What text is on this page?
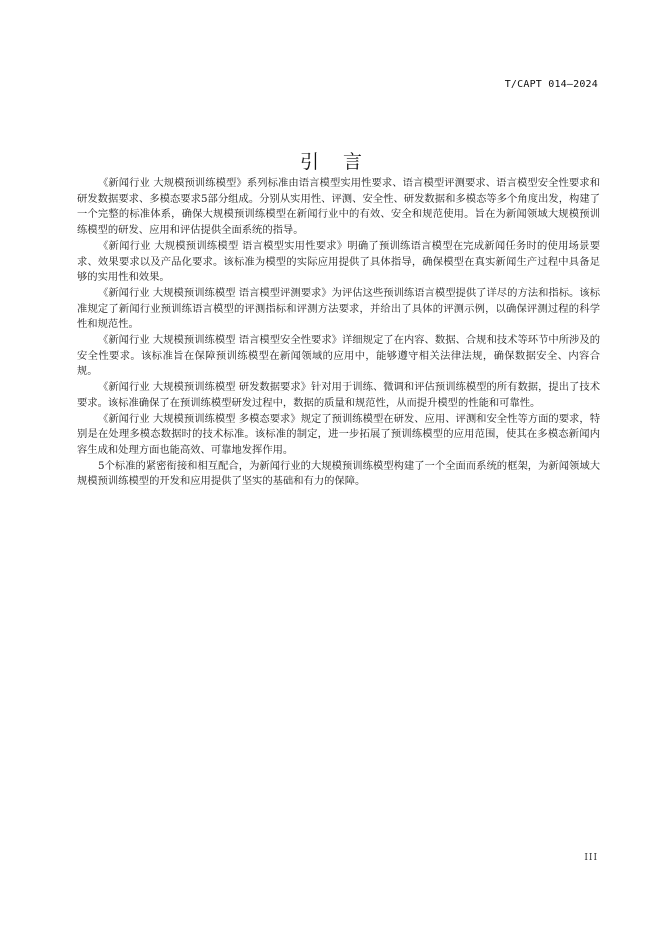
T/CAPT 014—2024
引言

《新闻行业 大规模预训练模型》系列标准由语言模型实用性要求、语言模型评测要求、语言模型安全性要求和研发数据要求、多模态要求5部分组成。分别从实用性、评测、安全性、研发数据和多模态等多个角度出发，构建了一个完整的标准体系，确保大规模预训练模型在新闻行业中的有效、安全和规范使用。旨在为新闻领域大规模预训练模型的研发、应用和评估提供全面系统的指导。

《新闻行业 大规模预训练模型 语言模型实用性要求》明确了预训练语言模型在完成新闻任务时的使用场景要求、效果要求以及产品化要求。该标准为模型的实际应用提供了具体指导，确保模型在真实新闻生产过程中具备足够的实用性和效果。

《新闻行业 大规模预训练模型 语言模型评测要求》为评估这些预训练语言模型提供了详尽的方法和指标。该标准规定了新闻行业预训练语言模型的评测指标和评测方法要求，并给出了具体的评测示例，以确保评测过程的科学性和规范性。

《新闻行业 大规模预训练模型 语言模型安全性要求》详细规定了在内容、数据、合规和技术等环节中所涉及的安全性要求。该标准旨在保障预训练模型在新闻领域的应用中，能够遵守相关法律法规，确保数据安全、内容合规。

《新闻行业 大规模预训练模型 研发数据要求》针对用于训练、微调和评估预训练模型的所有数据，提出了技术要求。该标准确保了在预训练模型研发过程中，数据的质量和规范性，从而提升模型的性能和可靠性。

《新闻行业 大规模预训练模型 多模态要求》规定了预训练模型在研发、应用、评测和安全性等方面的要求，特别是在处理多模态数据时的技术标准。该标准的制定，进一步拓展了预训练模型的应用范围，使其在多模态新闻内容生成和处理方面也能高效、可靠地发挥作用。

5个标准的紧密衔接和相互配合，为新闻行业的大规模预训练模型构建了一个全面而系统的框架，为新闻领域大规模预训练模型的开发和应用提供了坚实的基础和有力的保障。

III
